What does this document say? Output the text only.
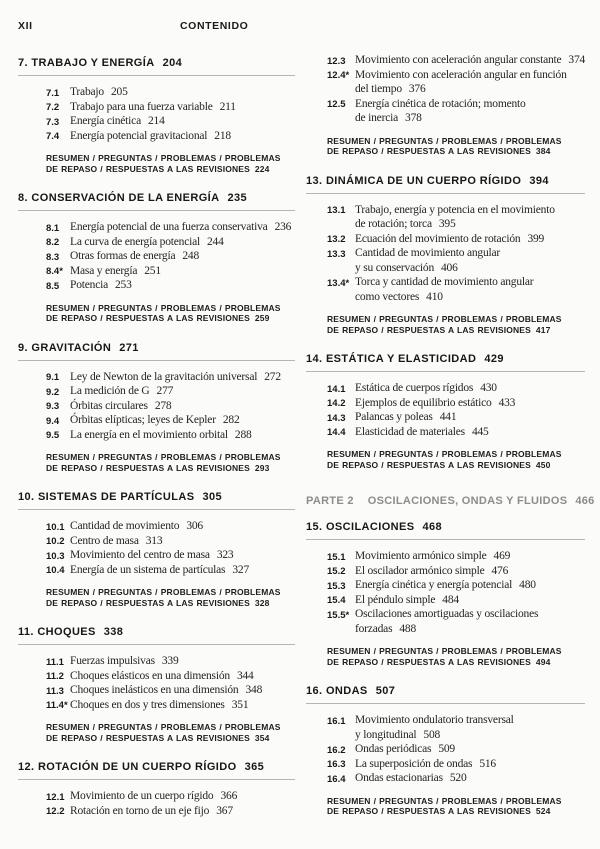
XII	CONTENIDO
7. TRABAJO Y ENERGÍA 204
7.1 Trabajo 205
7.2 Trabajo para una fuerza variable 211
7.3 Energía cinética 214
7.4 Energía potencial gravitacional 218
RESUMEN / PREGUNTAS / PROBLEMAS / PROBLEMAS
DE REPASO / RESPUESTAS A LAS REVISIONES 224
8. CONSERVACIÓN DE LA ENERGÍA 235
8.1 Energía potencial de una fuerza conservativa 236
8.2 La curva de energía potencial 244
8.3 Otras formas de energía 248
8.4* Masa y energía 251
8.5 Potencia 253
RESUMEN / PREGUNTAS / PROBLEMAS / PROBLEMAS
DE REPASO / RESPUESTAS A LAS REVISIONES 259
9. GRAVITACIÓN 271
9.1 Ley de Newton de la gravitación universal 272
9.2 La medición de G 277
9.3 Órbitas circulares 278
9.4 Órbitas elípticas; leyes de Kepler 282
9.5 La energía en el movimiento orbital 288
RESUMEN / PREGUNTAS / PROBLEMAS / PROBLEMAS
DE REPASO / RESPUESTAS A LAS REVISIONES 293
10. SISTEMAS DE PARTÍCULAS 305
10.1 Cantidad de movimiento 306
10.2 Centro de masa 313
10.3 Movimiento del centro de masa 323
10.4 Energía de un sistema de partículas 327
RESUMEN / PREGUNTAS / PROBLEMAS / PROBLEMAS
DE REPASO / RESPUESTAS A LAS REVISIONES 328
11. CHOQUES 338
11.1 Fuerzas impulsivas 339
11.2 Choques elásticos en una dimensión 344
11.3 Choques inelásticos en una dimensión 348
11.4* Choques en dos y tres dimensiones 351
RESUMEN / PREGUNTAS / PROBLEMAS / PROBLEMAS
DE REPASO / RESPUESTAS A LAS REVISIONES 354
12. ROTACIÓN DE UN CUERPO RÍGIDO 365
12.1 Movimiento de un cuerpo rígido 366
12.2 Rotación en torno de un eje fijo 367
12.3 Movimiento con aceleración angular constante 374
12.4* Movimiento con aceleración angular en función
del tiempo 376
12.5 Energía cinética de rotación; momento
de inercia 378
RESUMEN / PREGUNTAS / PROBLEMAS / PROBLEMAS
DE REPASO / RESPUESTAS A LAS REVISIONES 384
13. DINÁMICA DE UN CUERPO RÍGIDO 394
13.1 Trabajo, energía y potencia en el movimiento
de rotación; torca 395
13.2 Ecuación del movimiento de rotación 399
13.3 Cantidad de movimiento angular
y su conservación 406
13.4* Torca y cantidad de movimiento angular
como vectores 410
RESUMEN / PREGUNTAS / PROBLEMAS / PROBLEMAS
DE REPASO / RESPUESTAS A LAS REVISIONES 417
14. ESTÁTICA Y ELASTICIDAD 429
14.1 Estática de cuerpos rígidos 430
14.2 Ejemplos de equilibrio estático 433
14.3 Palancas y poleas 441
14.4 Elasticidad de materiales 445
RESUMEN / PREGUNTAS / PROBLEMAS / PROBLEMAS
DE REPASO / RESPUESTAS A LAS REVISIONES 450
PARTE 2 OSCILACIONES, ONDAS Y FLUIDOS 466
15. OSCILACIONES 468
15.1 Movimiento armónico simple 469
15.2 El oscilador armónico simple 476
15.3 Energía cinética y energía potencial 480
15.4 El péndulo simple 484
15.5* Oscilaciones amortiguadas y oscilaciones
forzadas 488
RESUMEN / PREGUNTAS / PROBLEMAS / PROBLEMAS
DE REPASO / RESPUESTAS A LAS REVISIONES 494
16. ONDAS 507
16.1 Movimiento ondulatorio transversal
y longitudinal 508
16.2 Ondas periódicas 509
16.3 La superposición de ondas 516
16.4 Ondas estacionarias 520
RESUMEN / PREGUNTAS / PROBLEMAS / PROBLEMAS
DE REPASO / RESPUESTAS A LAS REVISIONES 524
